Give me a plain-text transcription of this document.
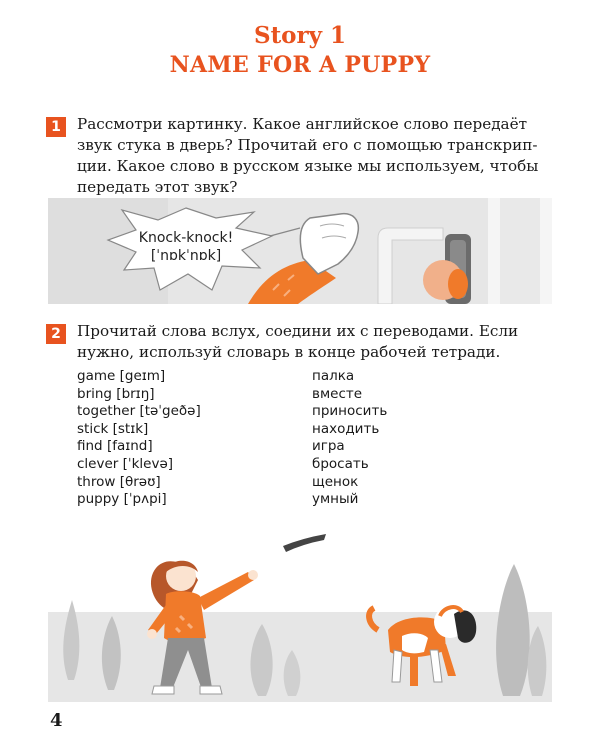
Story 1
NAME FOR A PUPPY
1	Рассмотри картинку. Какое английское слово передаёт

звук стука в дверь? Прочитай его с помощью транскрип-

ции. Какое слово в русском языке мы используем, чтобы

передать этот звук?

Knock-knock!
[ˈnɒkˈnɒk]
2	Прочитай слова вслух, соедини их с переводами. Если

нужно, используй словарь в конце рабочей тетради.

game [geɪm]
bring [brɪŋ]
together [təˈgeðə]
stick [stɪk]
find [faɪnd]
clever [ˈklevə]
throw [θrəʊ]
puppy [ˈpʌpi]
палка
вместе
приносить
находить
игра
бросать
щенок
умный
4
